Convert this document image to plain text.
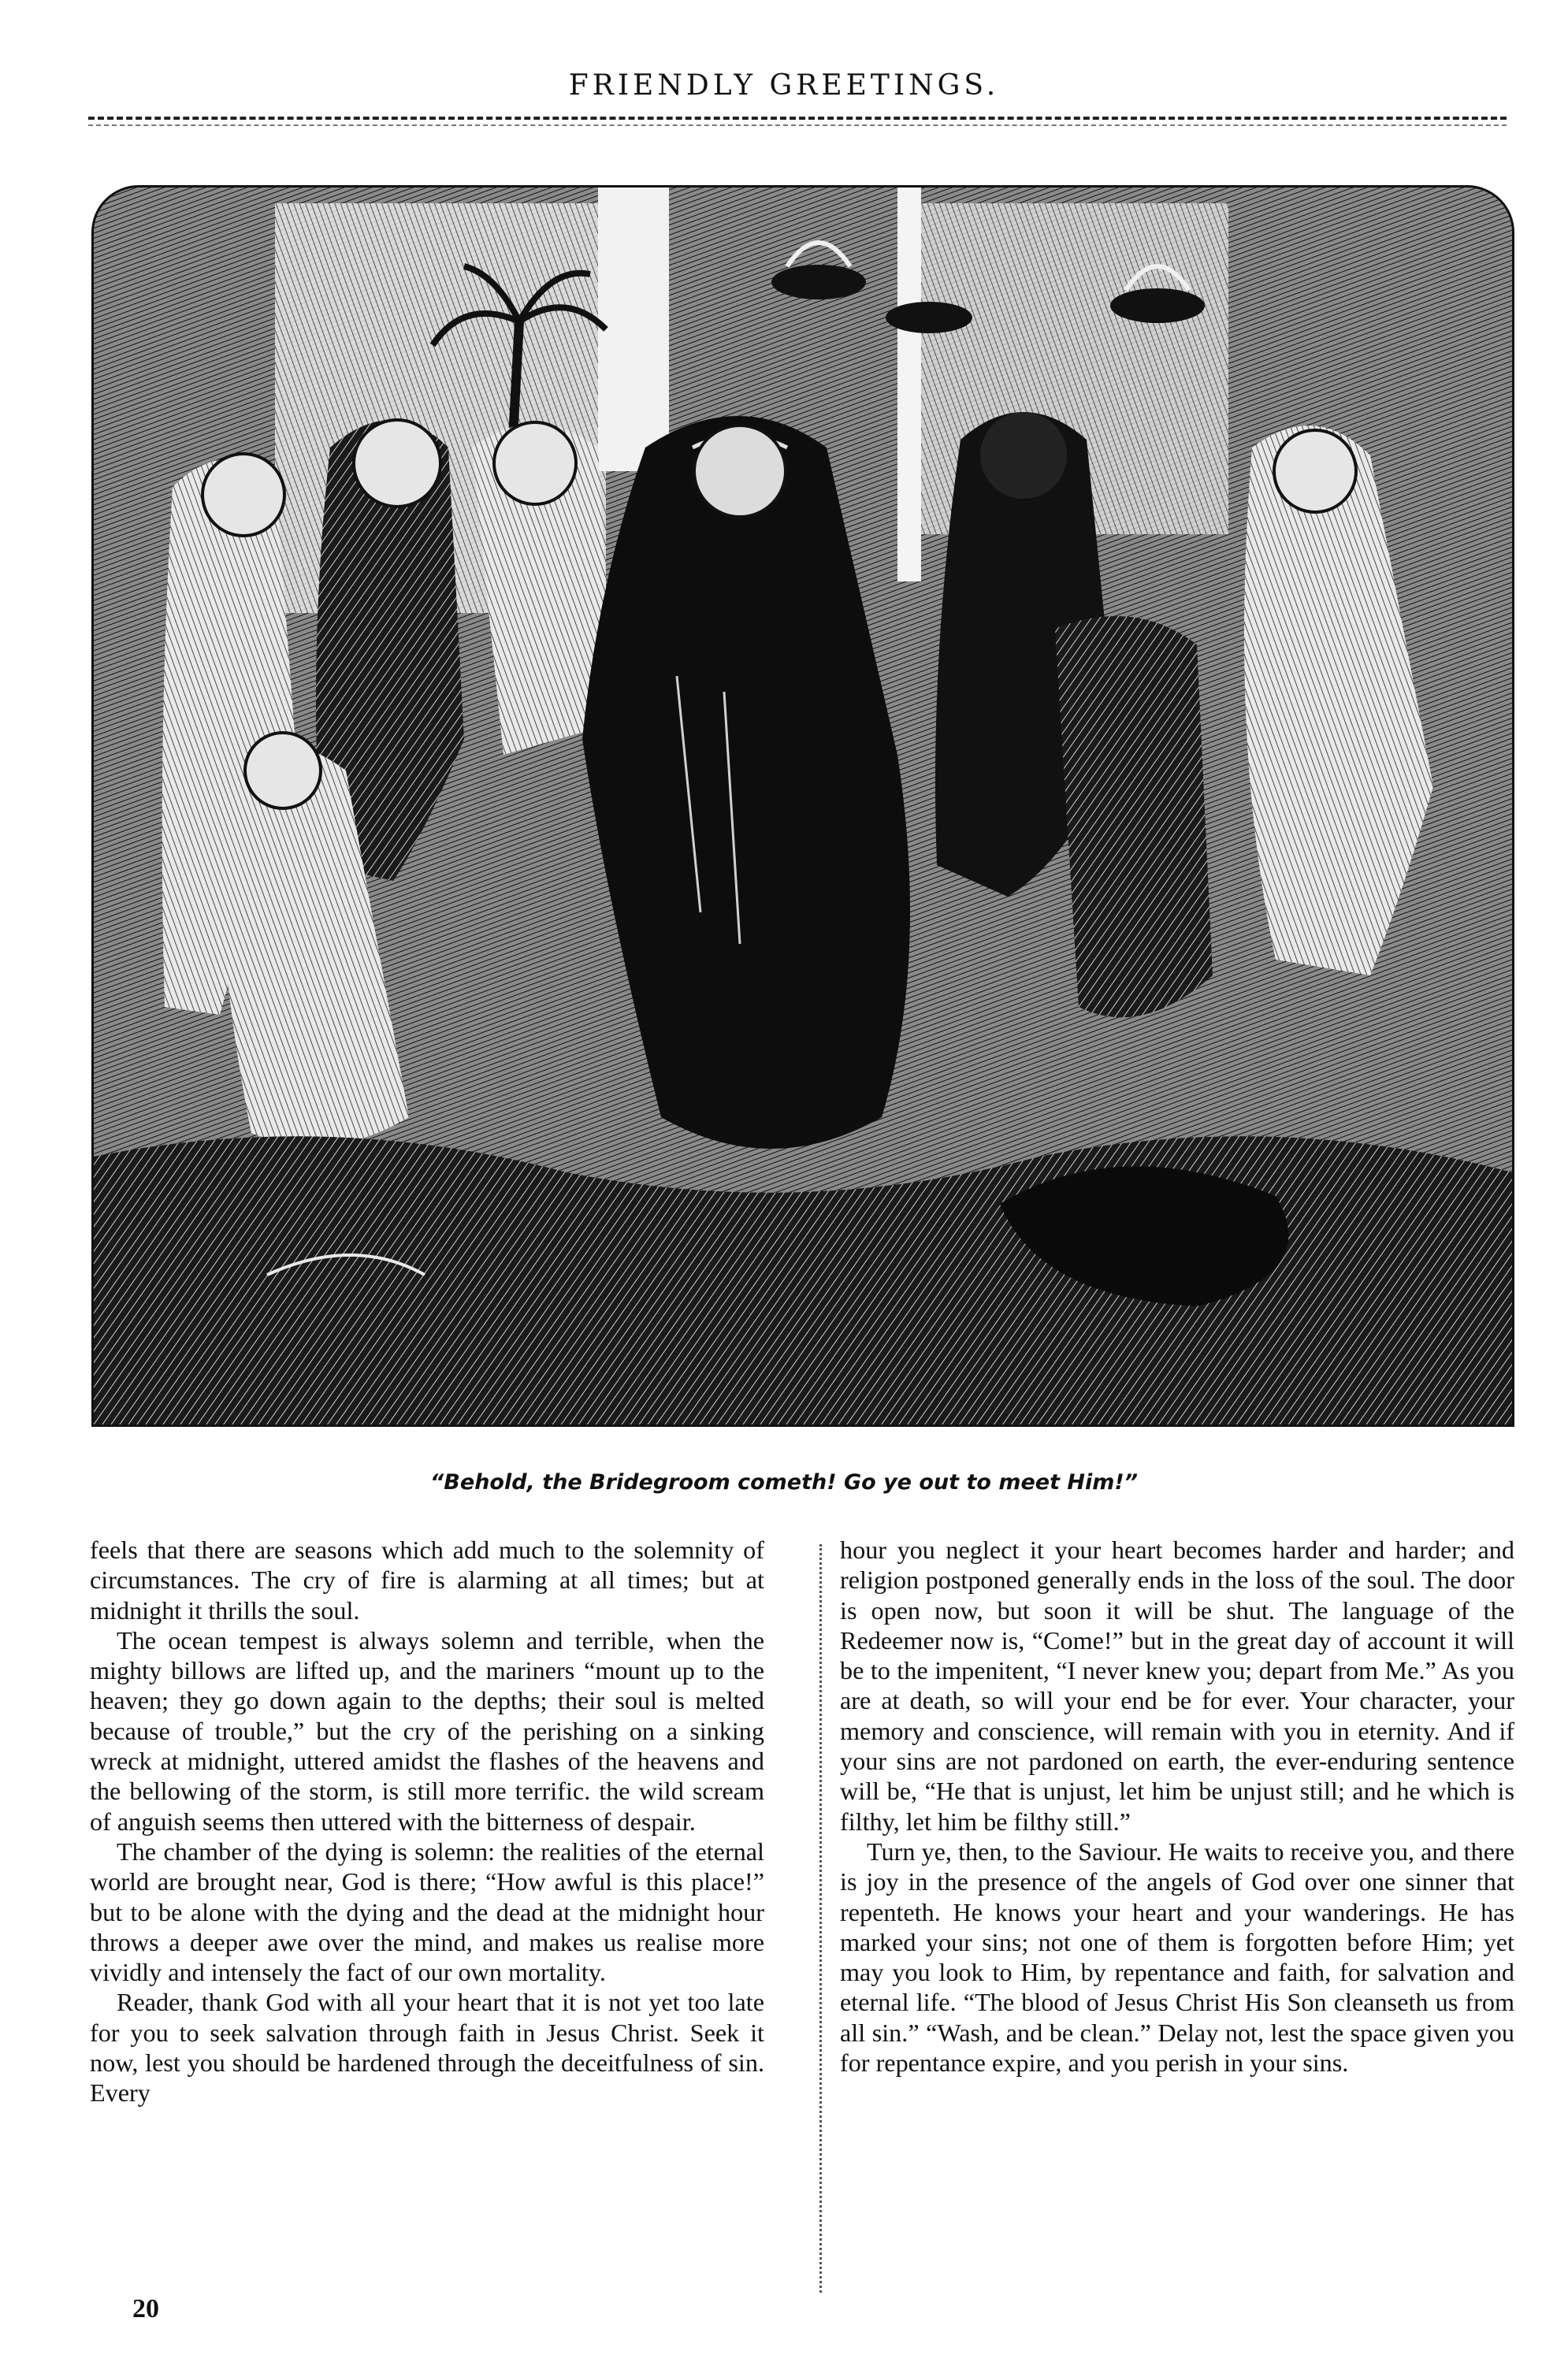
FRIENDLY GREETINGS.
“Behold, the Bridegroom cometh! Go ye out to meet Him!”

feels that there are seasons which add much to the solemnity of circumstances. The cry of fire is alarming at all times; but at midnight it thrills the soul.

The ocean tempest is always solemn and terrible, when the mighty billows are lifted up, and the mariners “mount up to the heaven; they go down again to the depths; their soul is melted because of trouble,” but the cry of the perishing on a sinking wreck at midnight, uttered amidst the flashes of the heavens and the bellowing of the storm, is still more terrific. the wild scream of anguish seems then uttered with the bitterness of despair.

The chamber of the dying is solemn: the realities of the eternal world are brought near, God is there; “How awful is this place!” but to be alone with the dying and the dead at the midnight hour throws a deeper awe over the mind, and makes us realise more vividly and intensely the fact of our own mortality.

Reader, thank God with all your heart that it is not yet too late for you to seek salvation through faith in Jesus Christ. Seek it now, lest you should be hardened through the deceitfulness of sin. Every

hour you neglect it your heart becomes harder and harder; and religion postponed generally ends in the loss of the soul. The door is open now, but soon it will be shut. The language of the Redeemer now is, “Come!” but in the great day of account it will be to the impenitent, “I never knew you; depart from Me.” As you are at death, so will your end be for ever. Your character, your memory and conscience, will remain with you in eternity. And if your sins are not pardoned on earth, the ever-enduring sentence will be, “He that is unjust, let him be unjust still; and he which is filthy, let him be filthy still.”

Turn ye, then, to the Saviour. He waits to receive you, and there is joy in the presence of the angels of God over one sinner that repenteth. He knows your heart and your wanderings. He has marked your sins; not one of them is forgotten before Him; yet may you look to Him, by repentance and faith, for salvation and eternal life. “The blood of Jesus Christ His Son cleanseth us from all sin.” “Wash, and be clean.” Delay not, lest the space given you for repentance expire, and you perish in your sins.

20
